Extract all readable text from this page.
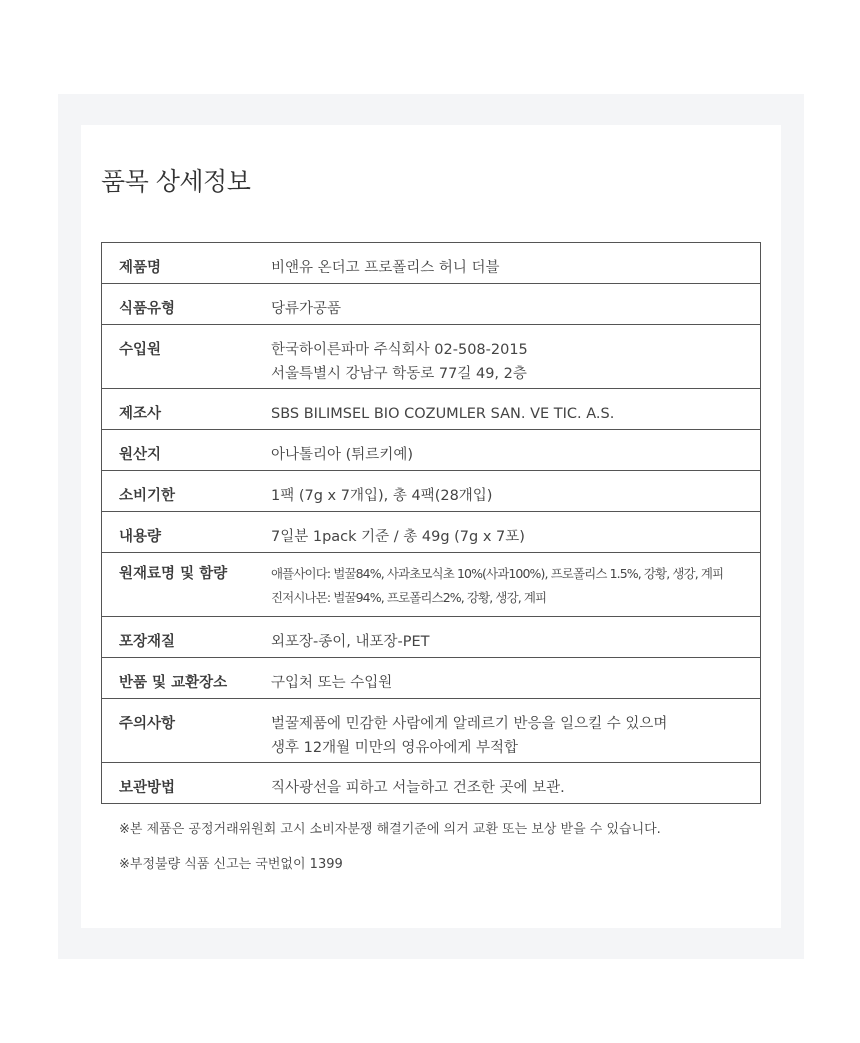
품목 상세정보
제품명	비앤유 온더고 프로폴리스 허니 더블

식품유형	당류가공품

수입원	한국하이른파마 주식회사 02-508-2015
서울특별시 강남구 학동로 77길 49, 2층

제조사	SBS BILIMSEL BIO COZUMLER SAN. VE TIC. A.S.

원산지	아나톨리아 (튀르키예)

소비기한	1팩 (7g x 7개입), 총 4팩(28개입)

내용량	7일분 1pack 기준 / 총 49g (7g x 7포)

원재료명 및 함량	애플사이다: 벌꿀84%, 사과초모식초 10%(사과100%), 프로폴리스 1.5%, 강황, 생강, 계피
진저시나몬: 벌꿀94%, 프로폴리스2%, 강황, 생강, 계피

포장재질	외포장-종이, 내포장-PET

반품 및 교환장소	구입처 또는 수입원

주의사항	벌꿀제품에 민감한 사람에게 알레르기 반응을 일으킬 수 있으며
생후 12개월 미만의 영유아에게 부적합

보관방법	직사광선을 피하고 서늘하고 건조한 곳에 보관.
※본 제품은 공정거래위원회 고시 소비자분쟁 해결기준에 의거 교환 또는 보상 받을 수 있습니다.
※부정불량 식품 신고는 국번없이 1399
